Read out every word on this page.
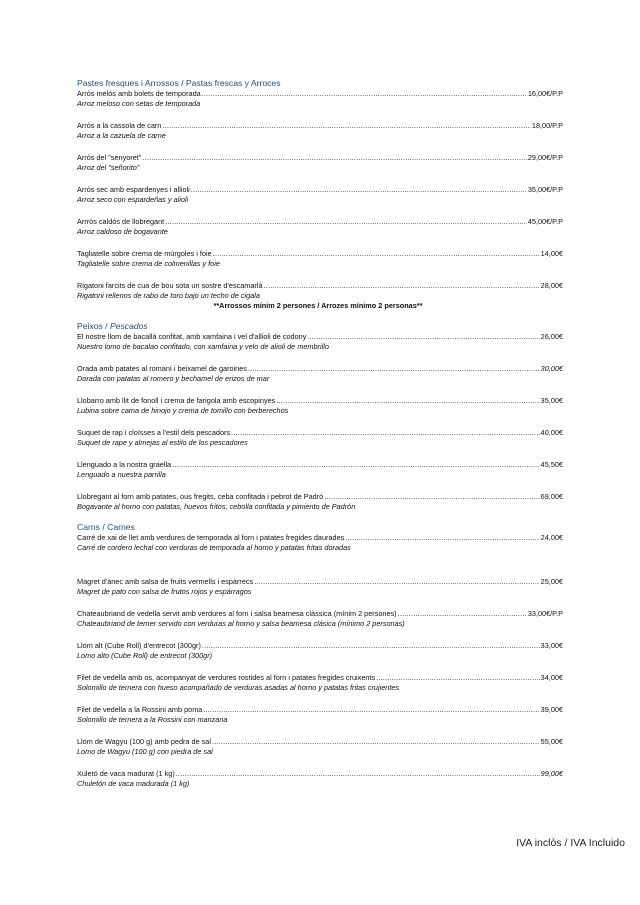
Pastes fresques i Arrossos / Pastas frescas y Arroces
Arròs melós amb bolets de temporada .....	16,00€/P.P
Arroz meloso con setas de temporada
Arròs a la cassola de carn .....	18,00/P.P
Arroz a la cazuela de carne
Arròs del "senyoret" .....	29,00€/P.P
Arroz del "señorito"
Arròs sec amb espardenyes i allioli .....	35,00€/P.P
Arroz seco con espardeñas y alioli
Arrròs caldós de llobregant .....	45,00€/P.P
Arroz caldoso de bogavante
Tagliatelle sobre crema de múrgoles i foie .....	14,00€
Tagliatelle sobre crema de colmenillas y foie
Rigatoni farcits de cua de bou sota un sostre d'escamarlà .....	28,00€
Rigatoni rellenos de rabo de toro bajo un techo de cigala
**Arrossos mínim 2 persones / Arrozes mínimo 2 personas**
Peixos / Pescados
El nostre llom de bacallà confitat, amb xamfaina i vel d'allioli de codony .....	26,00€
Nuestro lomo de bacalao confitado, con xamfaina y velo de alioli de membrillo
Orada amb patates al romaní i beixamel de garoines .....	30,00€
Dorada con patatas al romero y bechamel de erizos de mar
Llobarro amb llit de fonoll i crema de farigola amb escopinyes .....	35,00€
Lubina sobre cama de hinojo y crema de tomillo con berberechos
Suquet de rap i cloïsses a l'estil dels pescadors .....	40,00€
Suquet de rape y almejas al estilo de los pescadores
Llenguado a la nostra graella .....	45,50€
Lenguado a nuestra parrilla
Llobregant al forn amb patates, ous fregits, ceba confitada i pebrot de Padró .....	69,00€
Bogavante al horno con patatas, huevos fritos, cebolla confitada y pimiento de Padrón
Carns / Carnes
Carré de xai de llet amb verdures de temporada al forn i patates fregides daurades .....	24,00€
Carré de cordero lechal con verduras de temporada al horno y patatas fritas doradas
Magret d'ànec amb salsa de fruits vermells i espàrrecs .....	25,00€
Magret de pato con salsa de frutos rojos y espárragos
Chateaubriand de vedella servit amb verdures al forn i salsa bearnesa clàssica (mínim 2 persones) .....	33,00€/P.P
Chateaubriand de terner servido con verduras al horno y salsa bearnesa clásica (mínimo 2 personas)
Llom alt (Cube Roll) d'entrecot (300gr) .....	33,00€
Lomo alto (Cube Roll) de entrecot (300gr)
Filet de vedella amb os, acompanyat de verdures rostides al forn i patates fregides cruixents .....	34,00€
Solomillo de ternera con hueso acompañado de verduras asadas al horno y patatas fritas crujientes
Filet de vedella a la Rossini amb poma .....	39,00€
Solomillo de ternera a la Rossini con manzana
Llom de Wagyu (100 g) amb pedra de sal .....	55,00€
Lomo de Wagyu (100 g) con piedra de sal
Xuletó de vaca madurat (1 kg) .....	99,00€
Chuletón de vaca madurada (1 kg)
IVA inclòs / IVA Incluido
